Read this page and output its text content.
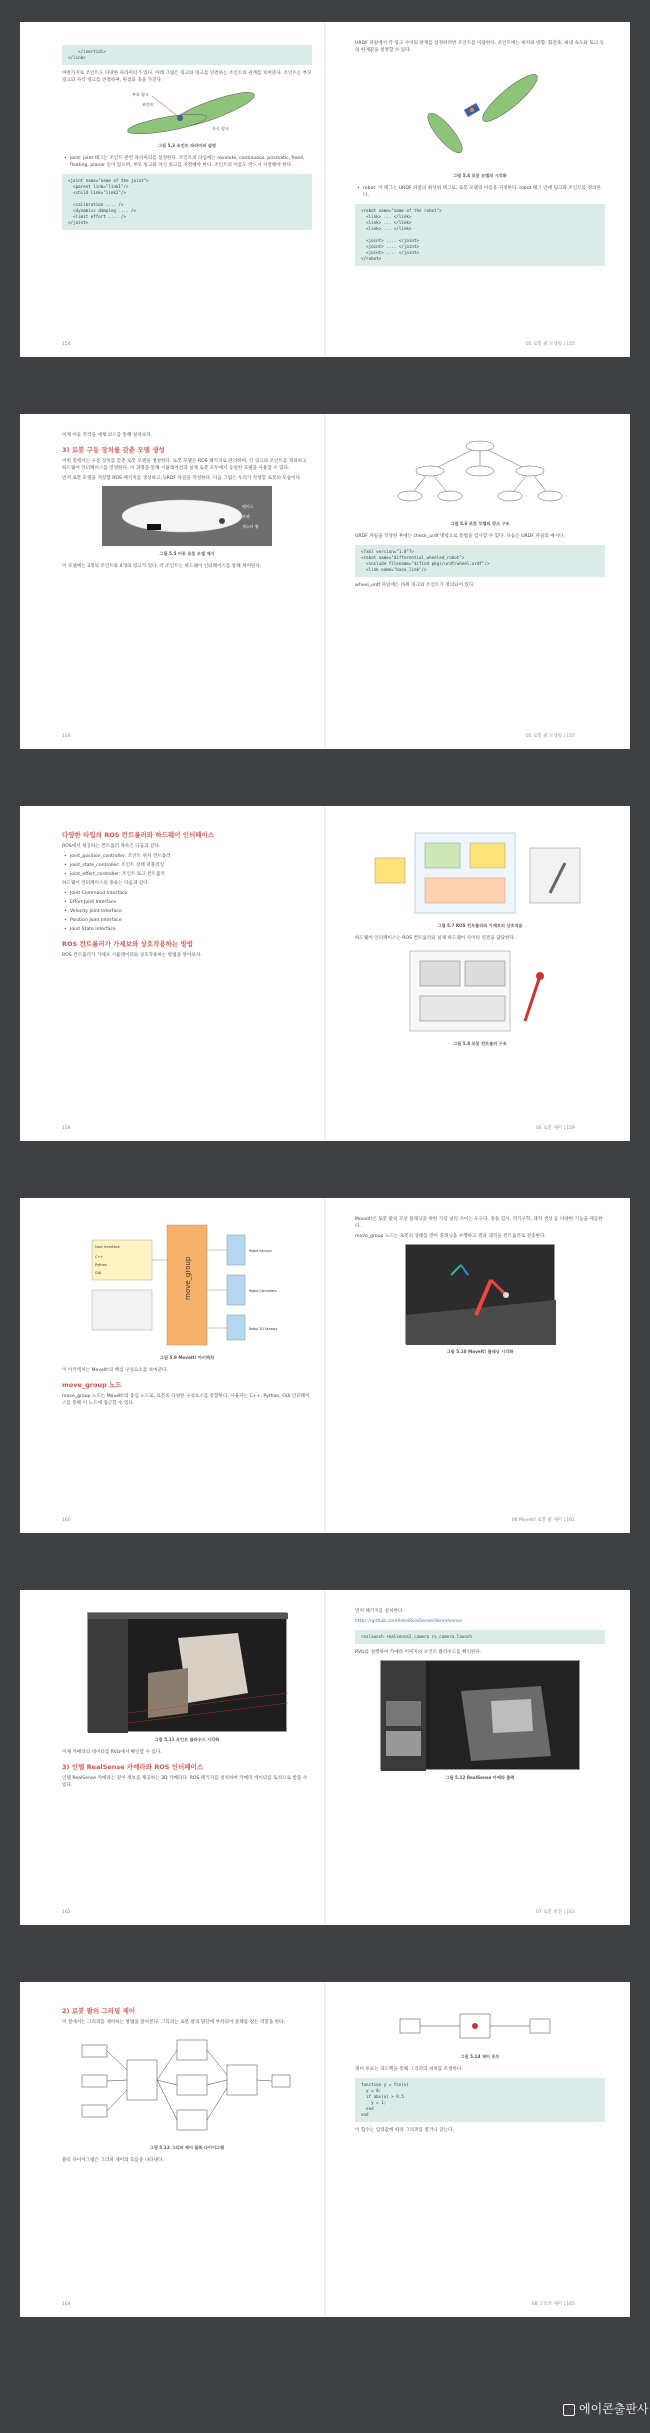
</inertial>
</link>
마찬가지로 조인트도 다양한 파라미터가 있다. 아래 그림은 링크와 링크를 연결하는 조인트의 관계를 보여준다. 조인트는 부모 링크와 자식 링크를 연결하며, 원점과 축을 가진다.
부모 링크
조인트
자식 링크
그림 5.3 조인트 파라미터 설명
• joint: joint 태그는 조인트 관련 파라미터를 설정한다. 조인트의 타입에는 revolute, continuous, prismatic, fixed, floating, planar 등이 있으며, 부모 링크와 자식 링크를 지정해야 한다. 조인트의 이름도 반드시 지정해야 한다.
<joint name="name of the joint">
<parent link="link1"/>
<child link="link2"/>

<calibration .... />
<dynamics damping .... />
<limit effort .... />
</joint>
154
URDF 파일에서 각 링크 사이의 관계를 설정하려면 조인트를 이용한다. 조인트에는 위치와 방향, 회전축, 최대 속도와 토크 등의 한계값을 설정할 수 있다.
그림 5.4 로봇 모델의 시각화
• robot: 이 태그는 URDF 파일의 최상위 태그로, 로봇 모델의 이름을 지정한다. robot 태그 안에 링크와 조인트를 정의한다.
<robot name="name of the robot">
<link> ... </link>
<link> ... </link>
<link> ... </link>

<joint> .... </joint>
<joint> .... </joint>
<joint> .... </joint>
</robot>
05 로봇 팔 모델링 | 155
이제 이들 각각을 예제 코드를 통해 살펴보자.
3) 로봇 구동 장치를 갖춘 모델 생성
이번 절에서는 구동 장치를 갖춘 로봇 모델을 생성한다. 로봇 모델은 ROS 패키지로 관리하며, 각 링크와 조인트를 정의하고 하드웨어 인터페이스를 연결한다. 이 과정을 통해 시뮬레이션과 실제 로봇 모두에서 동일한 모델을 사용할 수 있다.
먼저 로봇 모델을 저장할 ROS 패키지를 생성하고, URDF 파일을 작성한다. 다음 그림은 우리가 작성할 로봇의 모습이다.
베이스
바퀴
캐스터 휠
그림 5.5 이동 로봇 모델 예시
이 모델에는 3개의 조인트와 4개의 링크가 있다. 각 조인트는 하드웨어 인터페이스를 통해 제어된다.
156
그림 5.6 로봇 모델의 링크 구조
URDF 파일을 작성한 후에는 check_urdf 명령으로 문법을 검사할 수 있다. 다음은 URDF 파일의 예시다.
<?xml version="1.0"?>
<robot name="differential_wheeled_robot">
<include filename="$(find pkg)/urdf/wheel.urdf"/>
<link name="base_link"/>
wheel_urdf 파일에는 바퀴 링크와 조인트가 정의되어 있다.
05 로봇 팔 모델링 | 157
다양한 타입의 ROS 컨트롤러와 하드웨어 인터페이스
ROS에서 제공하는 컨트롤러 목록은 다음과 같다.
• joint_position_controller: 조인트 위치 컨트롤러
• joint_state_controller: 조인트 상태 퍼블리싱
• joint_effort_controller: 조인트 토크 컨트롤러
하드웨어 인터페이스의 종류는 다음과 같다.
• Joint Command Interface
• Effort Joint Interface
• Velocity Joint Interface
• Position Joint Interface
• Joint State Interface
ROS 컨트롤러가 가제보와 상호작용하는 방법
ROS 컨트롤러가 가제보 시뮬레이터와 상호작용하는 방법을 알아보자.
158
그림 5.7 ROS 컨트롤러와 가제보의 상호작용
하드웨어 인터페이스는 ROS 컨트롤러와 실제 하드웨어 사이의 연결을 담당한다.
그림 5.8 로봇 컨트롤러 구조
06 로봇 제어 | 159
move_group
User Interface
C++
Python
GUI
Robot Sensors
Robot Controllers
Robot 3D Sensors
그림 5.9 MoveIt! 아키텍처
이 아키텍처는 MoveIt!의 핵심 구성요소를 보여준다.
move_group 노드
move_group 노드는 MoveIt!의 중심 노드로, 로봇의 다양한 구성요소를 통합한다. 사용자는 C++, Python, GUI 인터페이스를 통해 이 노드에 접근할 수 있다.
160
MoveIt!은 로봇 팔의 모션 플래닝을 위한 가장 널리 쓰이는 도구다. 충돌 검사, 역기구학, 궤적 생성 등 다양한 기능을 제공한다.
move_group 노드는 로봇의 상태를 받아 플래닝을 수행하고 결과 궤적을 컨트롤러로 전송한다.
그림 5.10 MoveIt! 플래닝 시각화
06 MoveIt! 로봇 팔 제어 | 161
그림 5.11 포인트 클라우드 시각화
이제 카메라의 데이터를 RViz에서 확인할 수 있다.
3) 인텔 RealSense 카메라와 ROS 인터페이스
인텔 RealSense 카메라는 깊이 정보를 제공하는 3D 카메라다. ROS 패키지를 설치하여 카메라 데이터를 토픽으로 받을 수 있다.
162
먼저 패키지를 설치한다.
https://github.com/IntelRealSense/librealsense
roslaunch realsense2_camera rs_camera.launch
RViz를 실행하여 카메라 이미지와 포인트 클라우드를 확인한다.
그림 5.12 RealSense 카메라 출력
07 로봇 비전 | 163
2) 로봇 팔의 그리핑 제어
이 절에서는 그리퍼를 제어하는 방법을 알아본다. 그리퍼는 로봇 팔의 말단에 부착되어 물체를 집는 역할을 한다.
그림 5.13 그리퍼 제어 블록 다이어그램
블록 다이어그램은 그리퍼 제어의 흐름을 나타낸다.
164
그림 5.14 제어 루프
제어 루프는 피드백을 통해 그리퍼의 위치를 조정한다.
function y = fcn(u)
y = 0;
if abs(u) > 0.5
y = 1;
end
end
이 함수는 입력값에 따라 그리퍼를 열거나 닫는다.
08 그리퍼 제어 | 165
에이콘출판사
